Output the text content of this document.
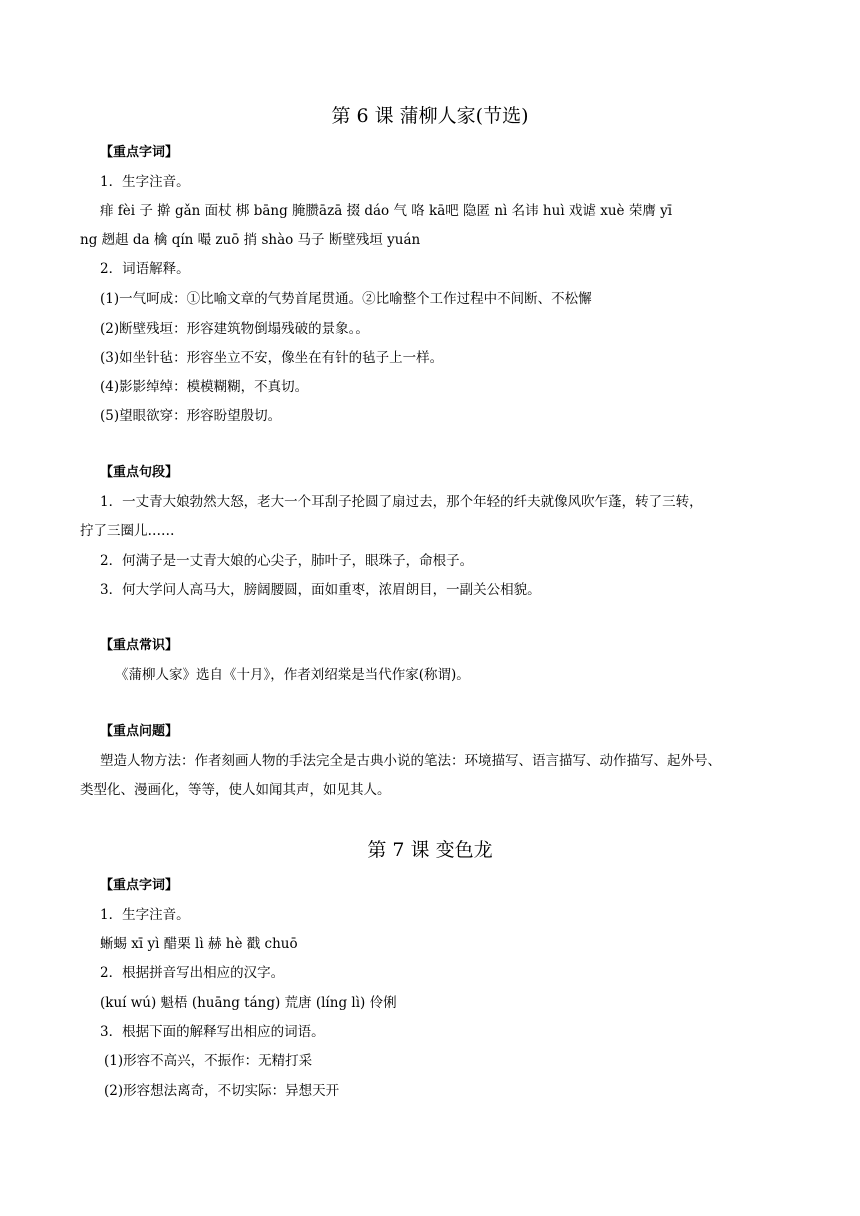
第 6 课 蒲柳人家(节选)
【重点字词】
1．生字注音。
痱 fèi 子 擀 gǎn 面杖 梆 bāng 腌臜āzā 掇 dáo 气 咯 kā吧 隐匿 nì 名讳 huì 戏谑 xuè 荣膺 yī
ng 趔趄 da 檎 qín 嘬 zuō 捎 shào 马子 断壁残垣 yuán
2．词语解释。
(1)一气呵成：①比喻文章的气势首尾贯通。②比喻整个工作过程中不间断、不松懈
(2)断壁残垣：形容建筑物倒塌残破的景象。。
(3)如坐针毡：形容坐立不安，像坐在有针的毡子上一样。
(4)影影绰绰：模模糊糊，不真切。
(5)望眼欲穿：形容盼望殷切。
【重点句段】
1．一丈青大娘勃然大怒，老大一个耳刮子抡圆了扇过去，那个年轻的纤夫就像风吹乍蓬，转了三转，
拧了三圈儿……
2．何满子是一丈青大娘的心尖子，肺叶子，眼珠子，命根子。
3．何大学问人高马大，膀阔腰圆，面如重枣，浓眉朗目，一副关公相貌。
【重点常识】
《蒲柳人家》选自《十月》，作者刘绍棠是当代作家(称谓)。
【重点问题】
塑造人物方法：作者刻画人物的手法完全是古典小说的笔法：环境描写、语言描写、动作描写、起外号、
类型化、漫画化，等等，使人如闻其声，如见其人。
第 7 课 变色龙
【重点字词】
1．生字注音。
蜥蜴 xī yì 醋栗 lì 赫 hè 戳 chuō
2．根据拼音写出相应的汉字。
(kuí wú) 魁梧 (huāng táng) 荒唐 (líng lì) 伶俐
3．根据下面的解释写出相应的词语。
(1)形容不高兴，不振作：无精打采
(2)形容想法离奇，不切实际：异想天开
